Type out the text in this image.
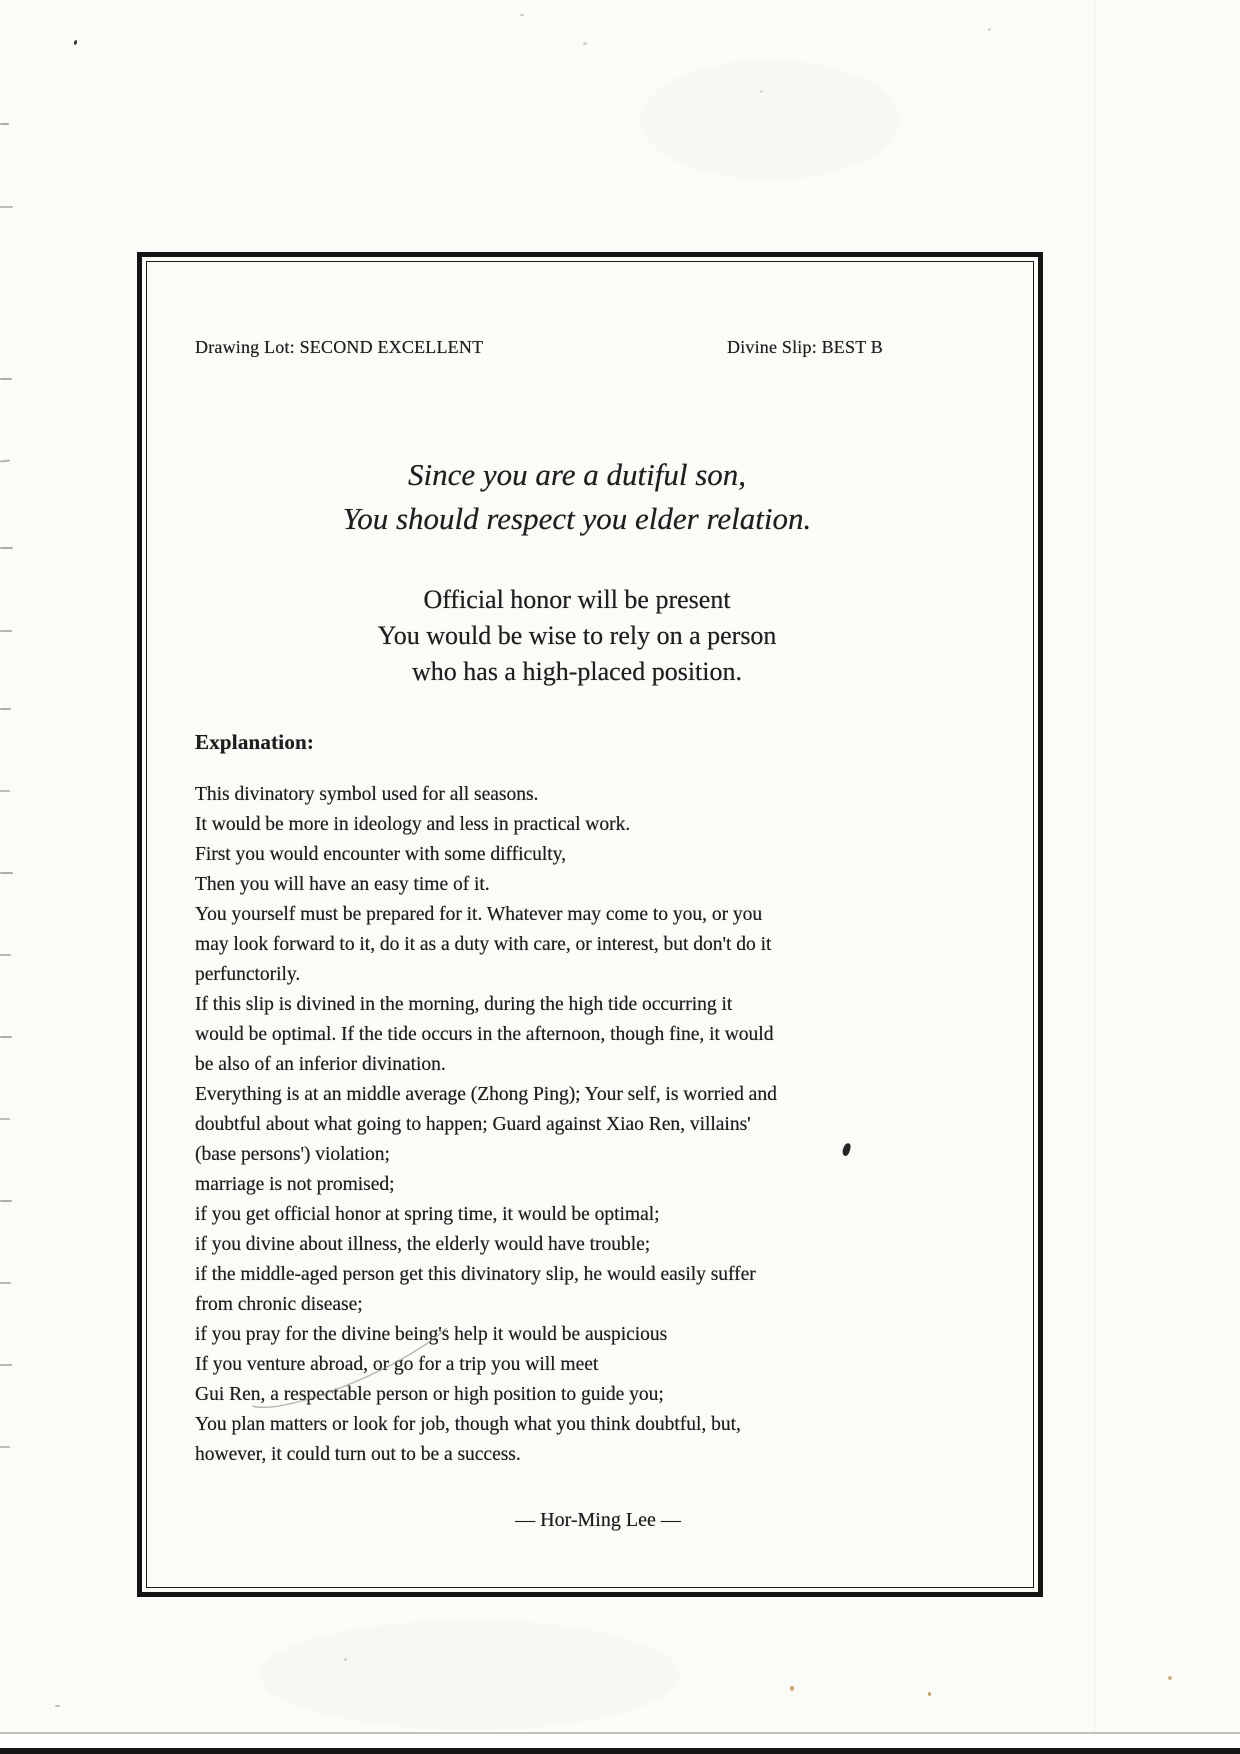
Drawing Lot: SECOND EXCELLENT	Divine Slip: BEST B
Since you are a dutiful son,
You should respect you elder relation.
Official honor will be present
You would be wise to rely on a person
who has a high-placed position.
Explanation:
This divinatory symbol used for all seasons.
It would be more in ideology and less in practical work.
First you would encounter with some difficulty,
Then you will have an easy time of it.
You yourself must be prepared for it. Whatever may come to you, or you
may look forward to it, do it as a duty with care, or interest, but don't do it
perfunctorily.
If this slip is divined in the morning, during the high tide occurring it
would be optimal. If the tide occurs in the afternoon, though fine, it would
be also of an inferior divination.
Everything is at an middle average (Zhong Ping); Your self, is worried and
doubtful about what going to happen; Guard against Xiao Ren, villains'
(base persons') violation;
marriage is not promised;
if you get official honor at spring time, it would be optimal;
if you divine about illness, the elderly would have trouble;
if the middle-aged person get this divinatory slip, he would easily suffer
from chronic disease;
if you pray for the divine being's help it would be auspicious
If you venture abroad, or go for a trip you will meet
Gui Ren, a respectable person or high position to guide you;
You plan matters or look for job, though what you think doubtful, but,
however, it could turn out to be a success.
— Hor-Ming Lee —
